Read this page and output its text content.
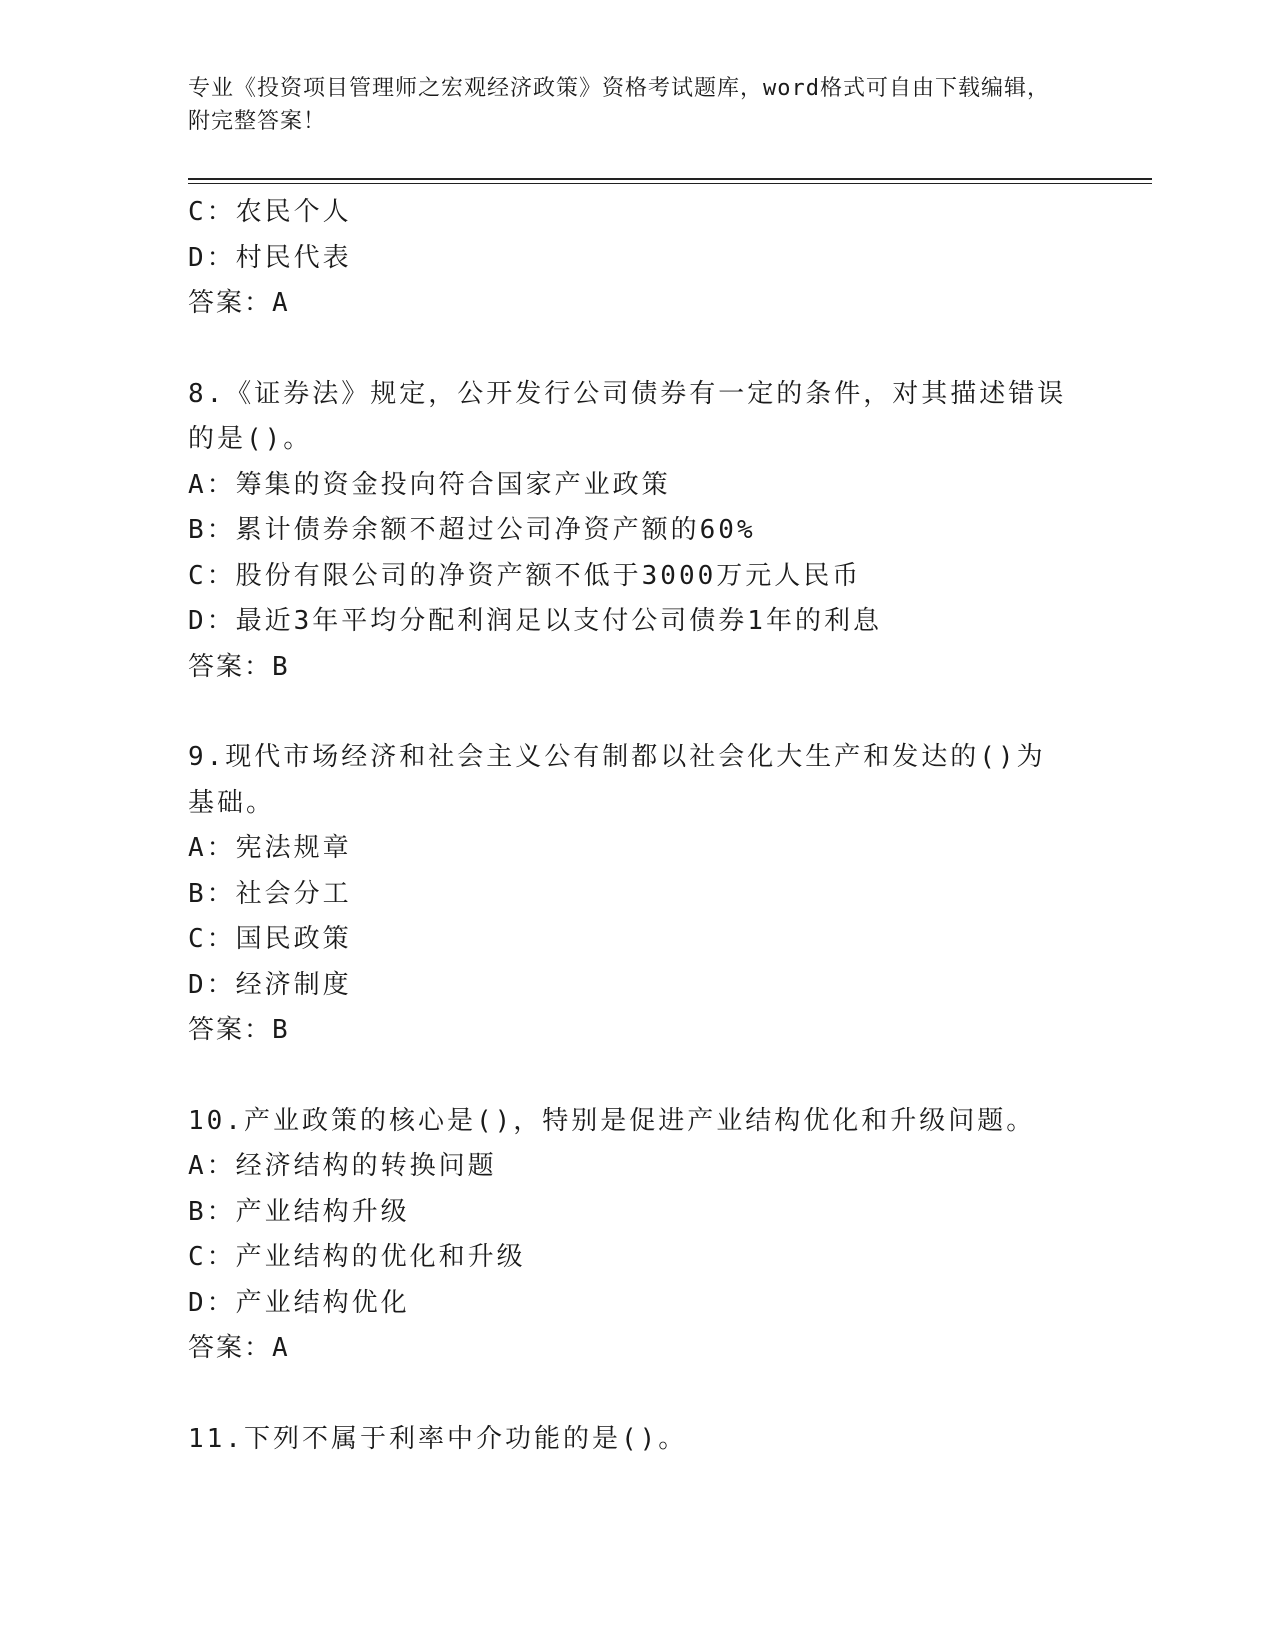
专业《投资项目管理师之宏观经济政策》资格考试题库，word格式可自由下载编辑，附完整答案！
C：农民个人
D：村民代表
答案：A
8.《证券法》规定，公开发行公司债券有一定的条件，对其描述错误的是()。
A：筹集的资金投向符合国家产业政策
B：累计债券余额不超过公司净资产额的60%
C：股份有限公司的净资产额不低于3000万元人民币
D：最近3年平均分配利润足以支付公司债券1年的利息
答案：B
9.现代市场经济和社会主义公有制都以社会化大生产和发达的()为基础。
A：宪法规章
B：社会分工
C：国民政策
D：经济制度
答案：B
10.产业政策的核心是()，特别是促进产业结构优化和升级问题。
A：经济结构的转换问题
B：产业结构升级
C：产业结构的优化和升级
D：产业结构优化
答案：A
11.下列不属于利率中介功能的是()。
